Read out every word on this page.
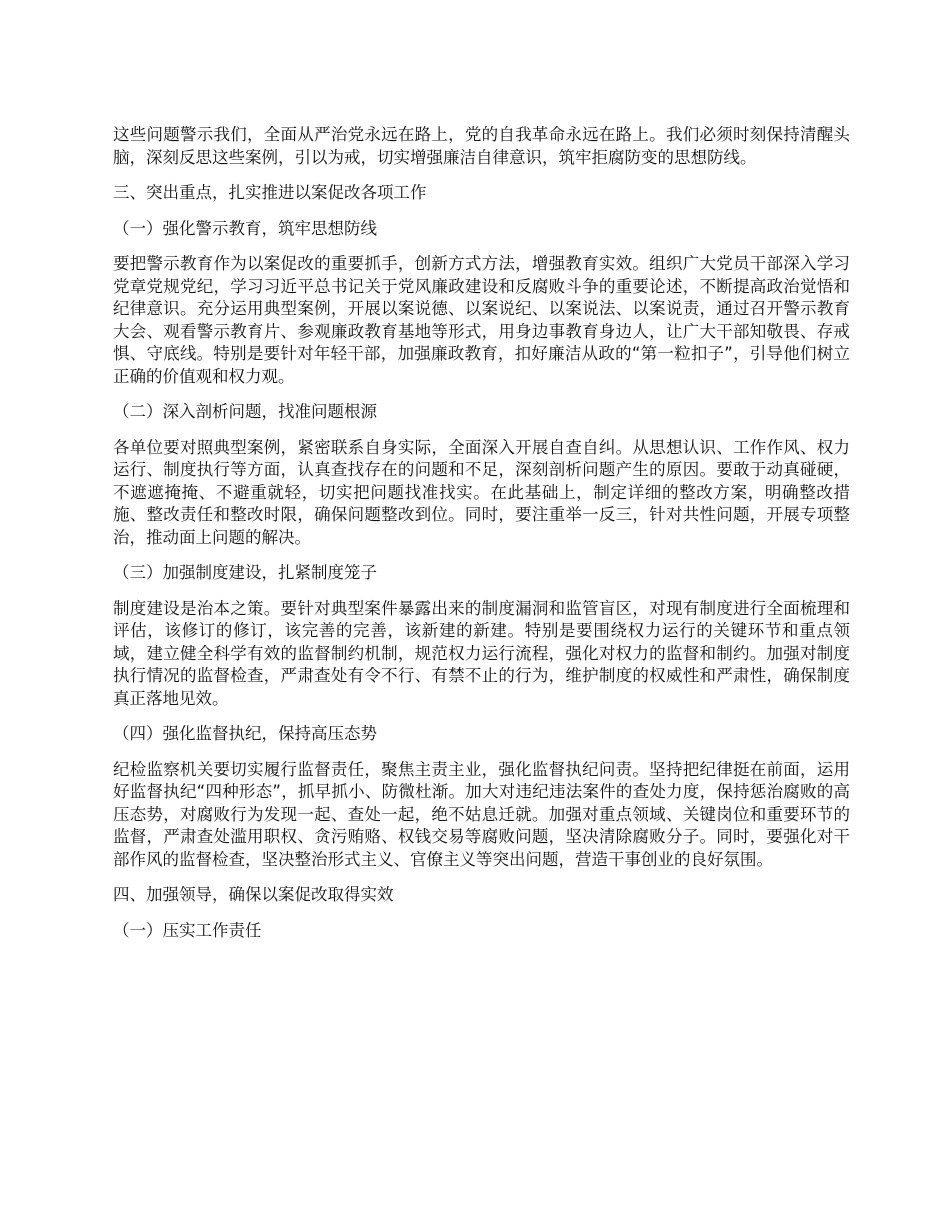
这些问题警示我们，全面从严治党永远在路上，党的自我革命永远在路上。我们必须时刻保持清醒头脑，深刻反思这些案例，引以为戒，切实增强廉洁自律意识，筑牢拒腐防变的思想防线。

三、突出重点，扎实推进以案促改各项工作

（一）强化警示教育，筑牢思想防线

要把警示教育作为以案促改的重要抓手，创新方式方法，增强教育实效。组织广大党员干部深入学习党章党规党纪，学习习近平总书记关于党风廉政建设和反腐败斗争的重要论述，不断提高政治觉悟和纪律意识。充分运用典型案例，开展以案说德、以案说纪、以案说法、以案说责，通过召开警示教育大会、观看警示教育片、参观廉政教育基地等形式，用身边事教育身边人，让广大干部知敬畏、存戒惧、守底线。特别是要针对年轻干部，加强廉政教育，扣好廉洁从政的“第一粒扣子”，引导他们树立正确的价值观和权力观。

（二）深入剖析问题，找准问题根源

各单位要对照典型案例，紧密联系自身实际，全面深入开展自查自纠。从思想认识、工作作风、权力运行、制度执行等方面，认真查找存在的问题和不足，深刻剖析问题产生的原因。要敢于动真碰硬，不遮遮掩掩、不避重就轻，切实把问题找准找实。在此基础上，制定详细的整改方案，明确整改措施、整改责任和整改时限，确保问题整改到位。同时，要注重举一反三，针对共性问题，开展专项整治，推动面上问题的解决。

（三）加强制度建设，扎紧制度笼子

制度建设是治本之策。要针对典型案件暴露出来的制度漏洞和监管盲区，对现有制度进行全面梳理和评估，该修订的修订，该完善的完善，该新建的新建。特别是要围绕权力运行的关键环节和重点领域，建立健全科学有效的监督制约机制，规范权力运行流程，强化对权力的监督和制约。加强对制度执行情况的监督检查，严肃查处有令不行、有禁不止的行为，维护制度的权威性和严肃性，确保制度真正落地见效。

（四）强化监督执纪，保持高压态势

纪检监察机关要切实履行监督责任，聚焦主责主业，强化监督执纪问责。坚持把纪律挺在前面，运用好监督执纪“四种形态”，抓早抓小、防微杜渐。加大对违纪违法案件的查处力度，保持惩治腐败的高压态势，对腐败行为发现一起、查处一起，绝不姑息迁就。加强对重点领域、关键岗位和重要环节的监督，严肃查处滥用职权、贪污贿赂、权钱交易等腐败问题，坚决清除腐败分子。同时，要强化对干部作风的监督检查，坚决整治形式主义、官僚主义等突出问题，营造干事创业的良好氛围。

四、加强领导，确保以案促改取得实效

（一）压实工作责任
